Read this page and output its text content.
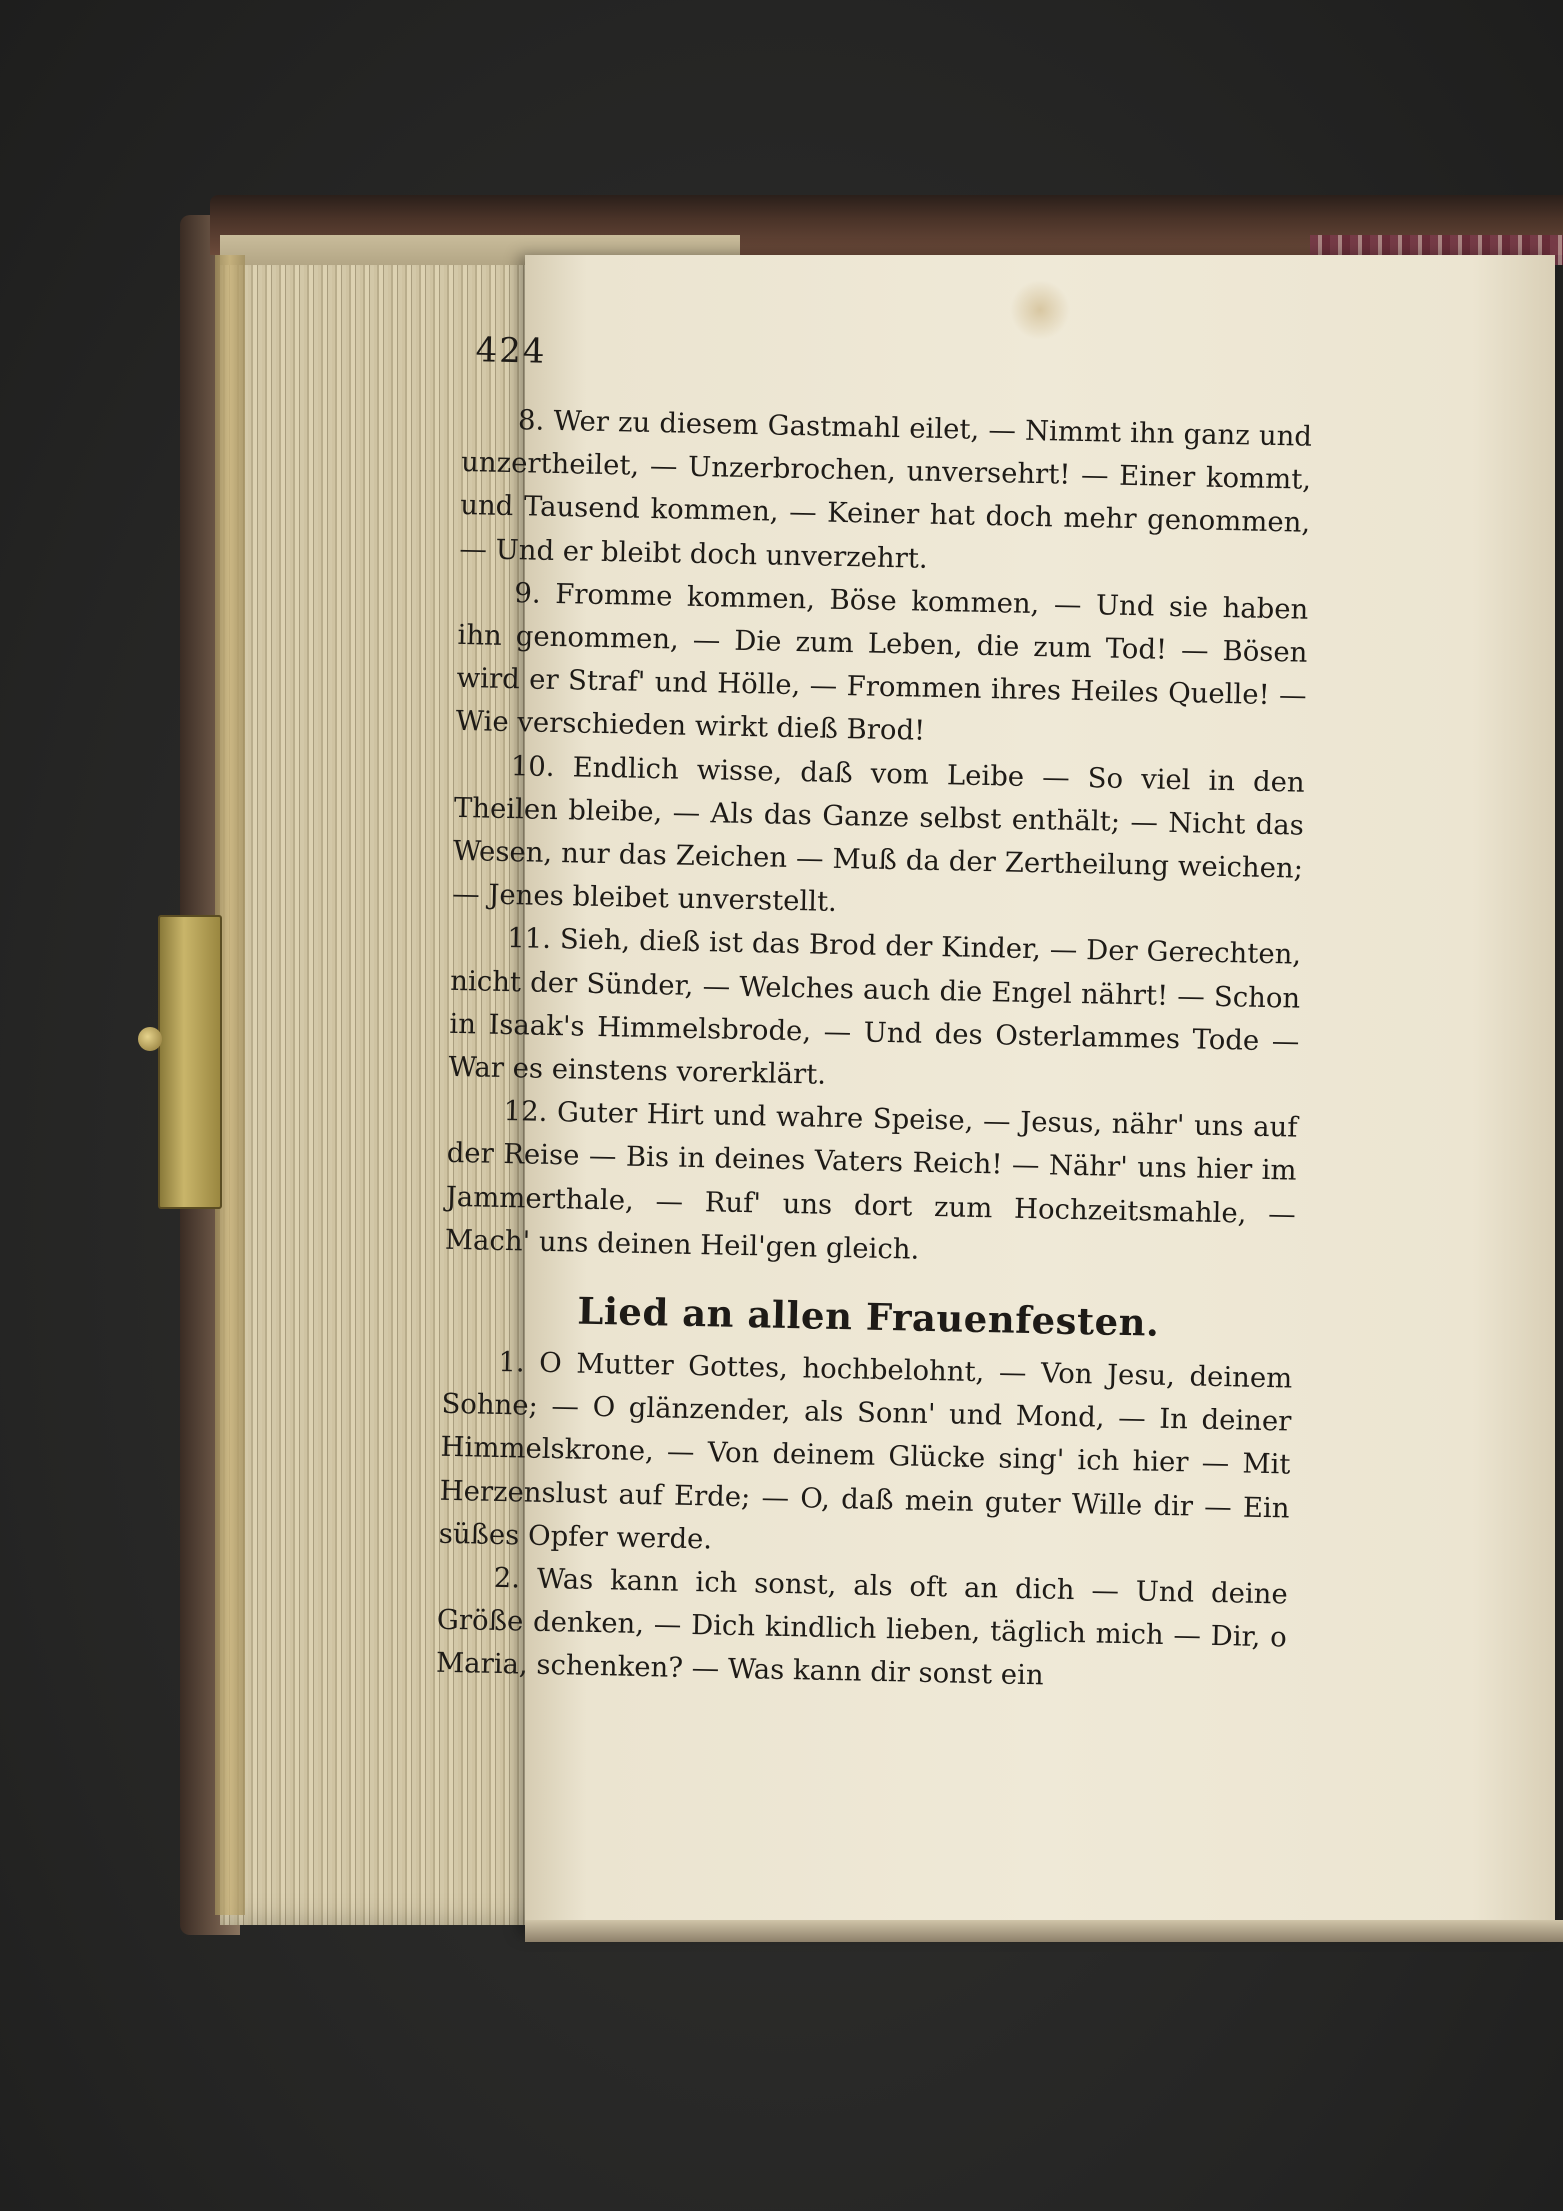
424

8. Wer zu diesem Gastmahl eilet, — Nimmt ihn ganz und unzertheilet, — Unzerbrochen, unversehrt! — Einer kommt, und Tausend kommen, — Keiner hat doch mehr genommen, — Und er bleibt doch unverzehrt.

9. Fromme kommen, Böse kommen, — Und sie haben ihn genommen, — Die zum Leben, die zum Tod! — Bösen wird er Straf' und Hölle, — Frommen ihres Heiles Quelle! — Wie verschieden wirkt dieß Brod!

10. Endlich wisse, daß vom Leibe — So viel in den Theilen bleibe, — Als das Ganze selbst enthält; — Nicht das Wesen, nur das Zeichen — Muß da der Zertheilung weichen; — Jenes bleibet unverstellt.

11. Sieh, dieß ist das Brod der Kinder, — Der Gerechten, nicht der Sünder, — Welches auch die Engel nährt! — Schon in Isaak's Himmelsbrode, — Und des Osterlammes Tode — War es einstens vorerklärt.

12. Guter Hirt und wahre Speise, — Jesus, nähr' uns auf der Reise — Bis in deines Vaters Reich! — Nähr' uns hier im Jammerthale, — Ruf' uns dort zum Hochzeitsmahle, — Mach' uns deinen Heil'gen gleich.

Lied an allen Frauenfesten.

1. O Mutter Gottes, hochbelohnt, — Von Jesu, deinem Sohne; — O glänzender, als Sonn' und Mond, — In deiner Himmelskrone, — Von deinem Glücke sing' ich hier — Mit Herzenslust auf Erde; — O, daß mein guter Wille dir — Ein süßes Opfer werde.

2. Was kann ich sonst, als oft an dich — Und deine Größe denken, — Dich kindlich lieben, täglich mich — Dir, o Maria, schenken? — Was kann dir sonst ein
